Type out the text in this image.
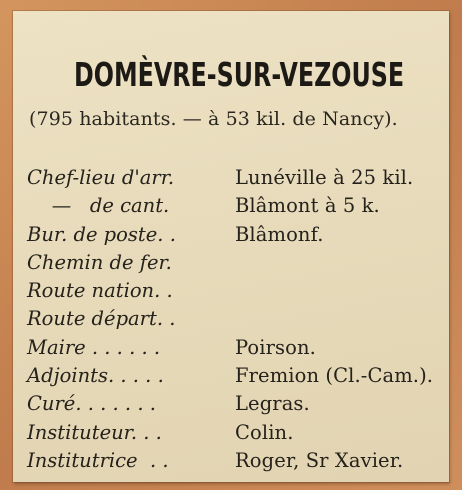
DOMÈVRE-SUR-VEZOUSE
(795 habitants. — à 53 kil. de Nancy).
Chef-lieu d'arr.	Lunéville à 25 kil.
—   de cant.	Blâmont à 5 k.
Bur. de poste. .	Blâmonf.
Chemin de fer.
Route nation. .
Route départ. .
Maire . . . . . .	Poirson.
Adjoints. . . . .	Fremion (Cl.-Cam.).
Curé. . . . . . .	Legras.
Instituteur. . .	Colin.
Institutrice  . .	Roger, Sr Xavier.
